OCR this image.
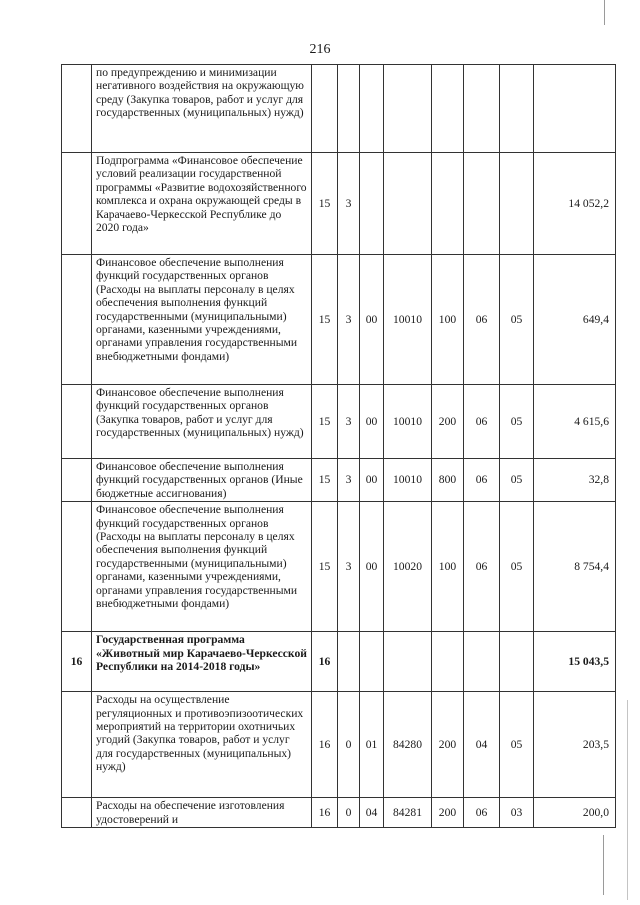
216
	по предупреждению и минимизации негативного воздействия на окружающую среду (Закупка товаров, работ и услуг для государственных (муниципальных) нужд)								
	Подпрограмма «Финансовое обеспечение условий реализации государственной программы «Развитие водохозяйственного комплекса и охрана окружающей среды в Карачаево-Черкесской Республике до 2020 года»	15	3						14 052,2
	Финансовое обеспечение выполнения функций государственных органов (Расходы на выплаты персоналу в целях обеспечения выполнения функций государственными (муниципальными) органами, казенными учреждениями, органами управления государственными внебюджетными фондами)	15	3	00	10010	100	06	05	649,4
	Финансовое обеспечение выполнения функций государственных органов (Закупка товаров, работ и услуг для государственных (муниципальных) нужд)	15	3	00	10010	200	06	05	4 615,6
	Финансовое обеспечение выполнения функций государственных органов (Иные бюджетные ассигнования)	15	3	00	10010	800	06	05	32,8
	Финансовое обеспечение выполнения функций государственных органов (Расходы на выплаты персоналу в целях обеспечения выполнения функций государственными (муниципальными) органами, казенными учреждениями, органами управления государственными внебюджетными фондами)	15	3	00	10020	100	06	05	8 754,4
16	Государственная программа «Животный мир Карачаево-Черкесской Республики на 2014-2018 годы»	16							15 043,5
	Расходы на осуществление регуляционных и противоэпизоотических мероприятий на территории охотничьих угодий (Закупка товаров, работ и услуг для государственных (муниципальных) нужд)	16	0	01	84280	200	04	05	203,5
	Расходы на обеспечение изготовления удостоверений и	16	0	04	84281	200	06	03	200,0
